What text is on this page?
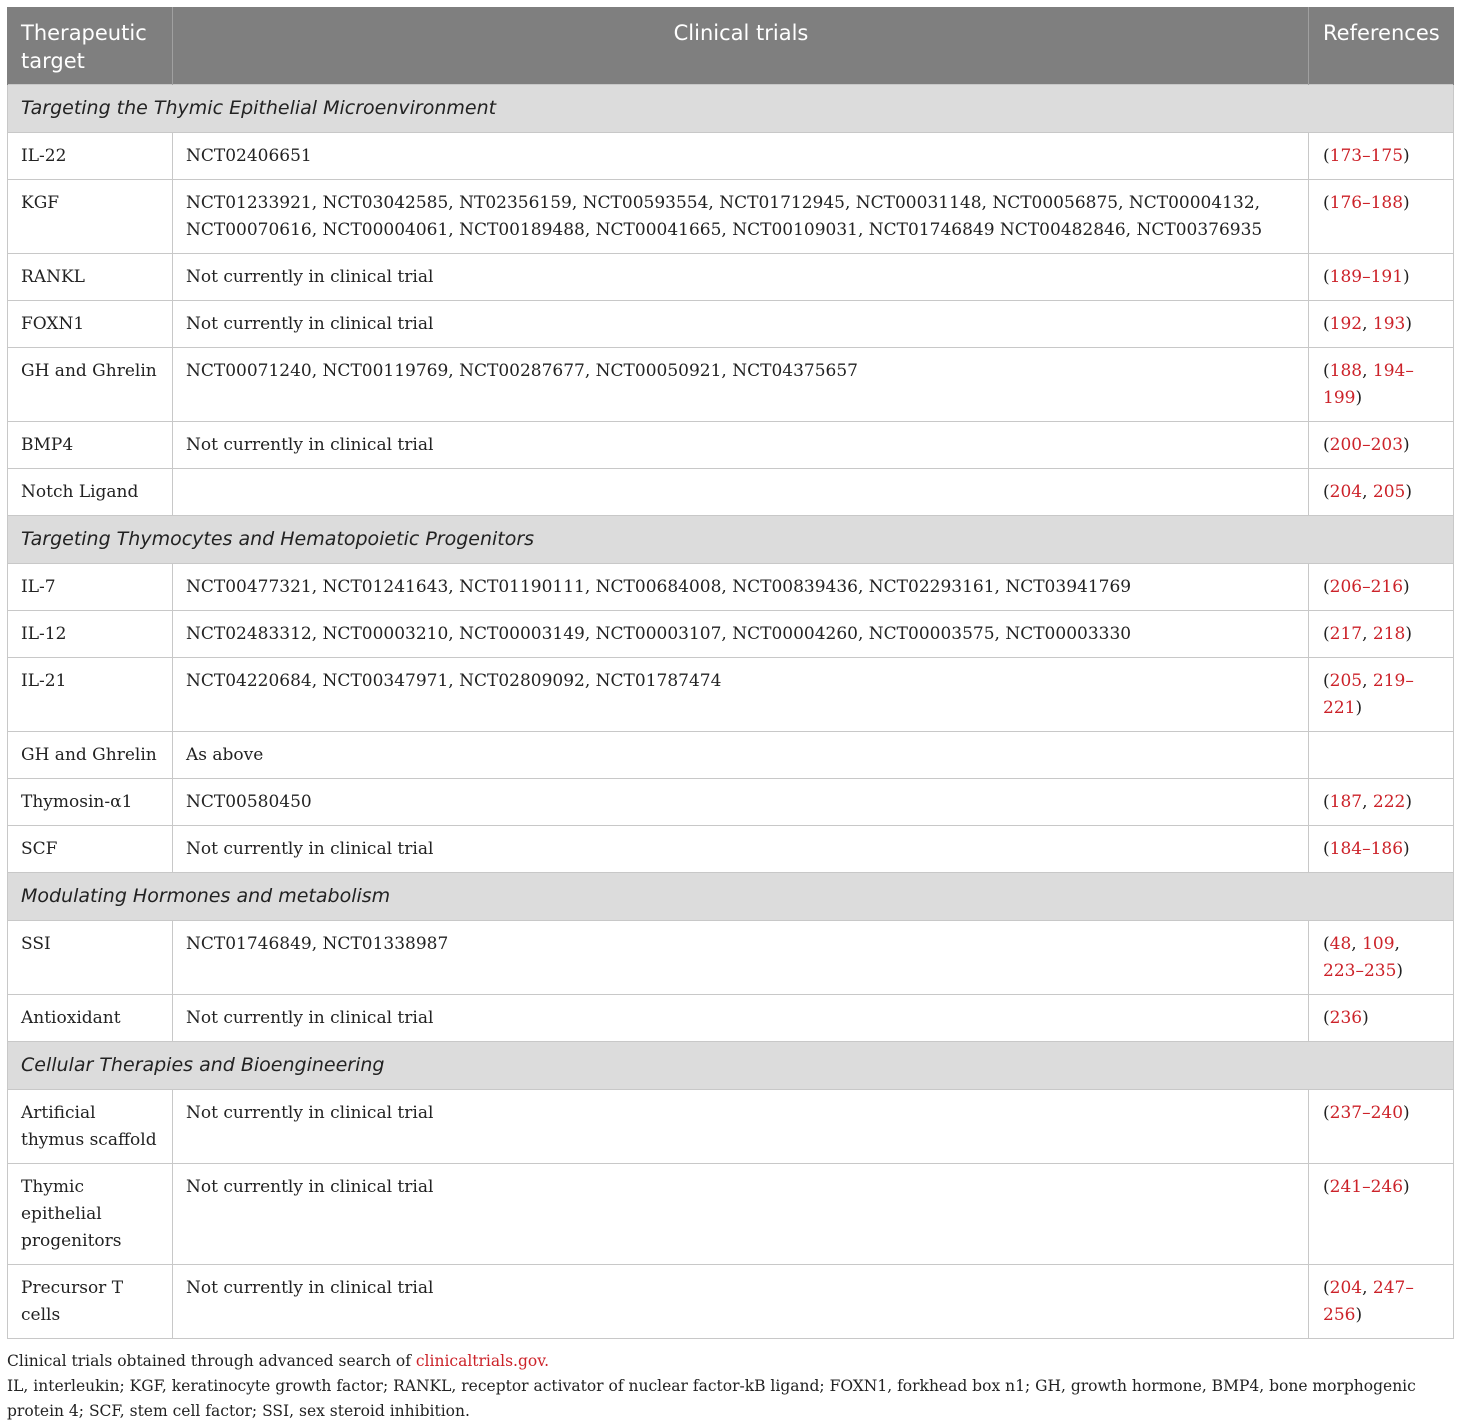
Therapeutic target	Clinical trials	References
Targeting the Thymic Epithelial Microenvironment		
IL-22	NCT02406651	(173–175)
KGF	NCT01233921, NCT03042585, NT02356159, NCT00593554, NCT01712945, NCT00031148, NCT00056875, NCT00004132, NCT00070616, NCT00004061, NCT00189488, NCT00041665, NCT00109031, NCT01746849 NCT00482846, NCT00376935	(176–188)
RANKL	Not currently in clinical trial	(189–191)
FOXN1	Not currently in clinical trial	(192, 193)
GH and Ghrelin	NCT00071240, NCT00119769, NCT00287677, NCT00050921, NCT04375657	(188, 194–199)
BMP4	Not currently in clinical trial	(200–203)
Notch Ligand		(204, 205)
Targeting Thymocytes and Hematopoietic Progenitors		
IL-7	NCT00477321, NCT01241643, NCT01190111, NCT00684008, NCT00839436, NCT02293161, NCT03941769	(206–216)
IL-12	NCT02483312, NCT00003210, NCT00003149, NCT00003107, NCT00004260, NCT00003575, NCT00003330	(217, 218)
IL-21	NCT04220684, NCT00347971, NCT02809092, NCT01787474	(205, 219–221)
GH and Ghrelin	As above	
Thymosin-α1	NCT00580450	(187, 222)
SCF	Not currently in clinical trial	(184–186)
Modulating Hormones and metabolism		
SSI	NCT01746849, NCT01338987	(48, 109, 223–235)
Antioxidant	Not currently in clinical trial	(236)
Cellular Therapies and Bioengineering		
Artificial thymus scaffold	Not currently in clinical trial	(237–240)
Thymic epithelial progenitors	Not currently in clinical trial	(241–246)
Precursor T cells	Not currently in clinical trial	(204, 247–256)
Clinical trials obtained through advanced search of clinicaltrials.gov.
IL, interleukin; KGF, keratinocyte growth factor; RANKL, receptor activator of nuclear factor-kB ligand; FOXN1, forkhead box n1; GH, growth hormone, BMP4, bone morphogenic protein 4; SCF, stem cell factor; SSI, sex steroid inhibition.
